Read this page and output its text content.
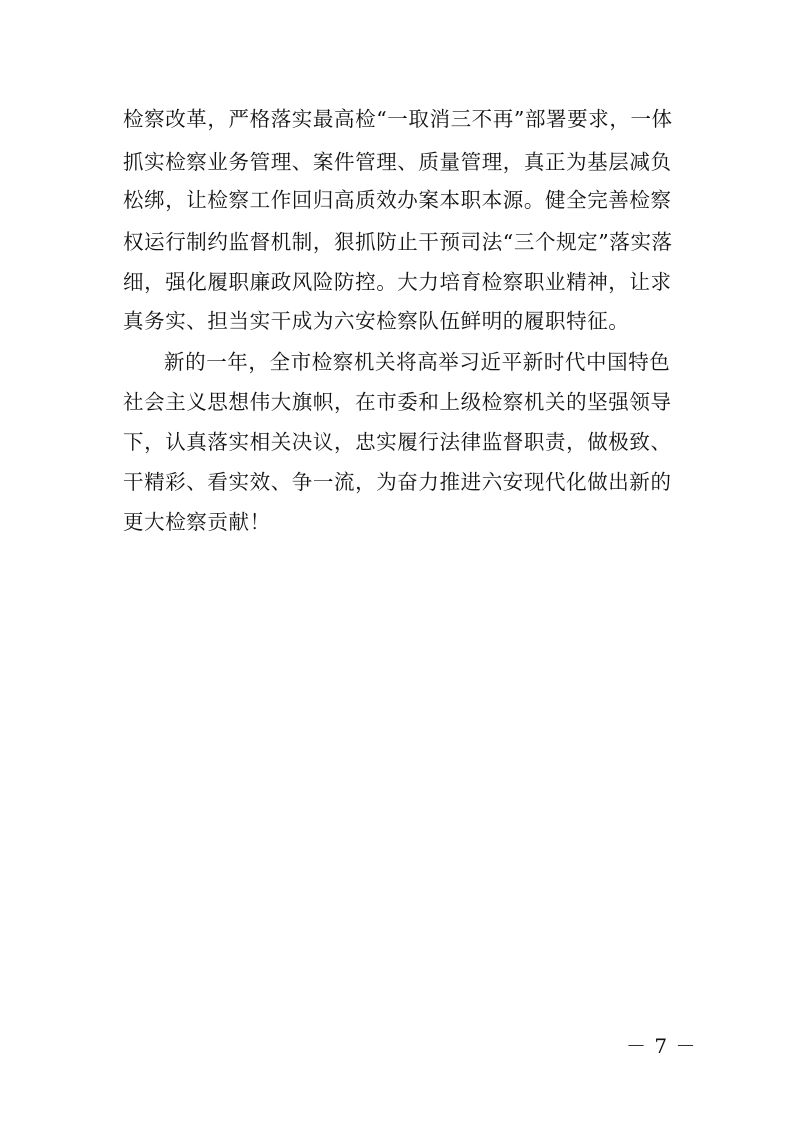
检察改革，严格落实最高检“一取消三不再”部署要求，一体
抓实检察业务管理、案件管理、质量管理，真正为基层减负
松绑，让检察工作回归高质效办案本职本源。健全完善检察
权运行制约监督机制，狠抓防止干预司法“三个规定”落实落
细，强化履职廉政风险防控。大力培育检察职业精神，让求
真务实、担当实干成为六安检察队伍鲜明的履职特征。
新的一年，全市检察机关将高举习近平新时代中国特色
社会主义思想伟大旗帜，在市委和上级检察机关的坚强领导
下，认真落实相关决议，忠实履行法律监督职责，做极致、
干精彩、看实效、争一流，为奋力推进六安现代化做出新的
更大检察贡献！
－ 7 －
